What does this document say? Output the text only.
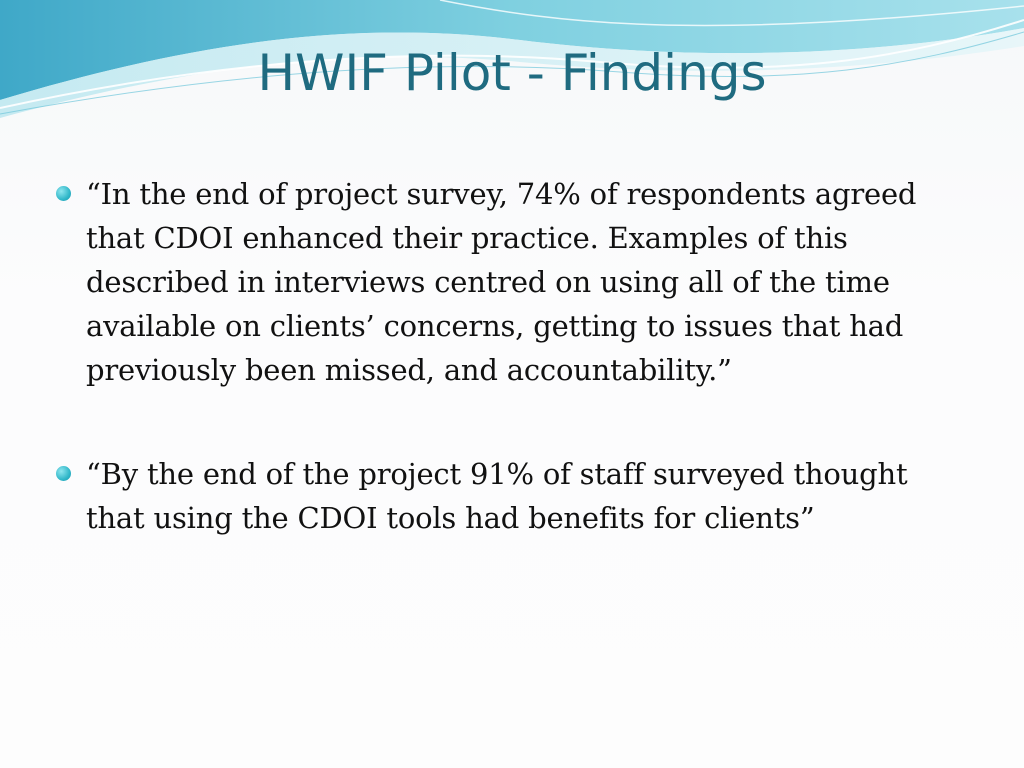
HWIF Pilot - Findings
“In the end of project survey, 74% of respondents agreed that CDOI enhanced their practice. Examples of this described in interviews centred on using all of the time available on clients’ concerns, getting to issues that had previously been missed, and accountability.”
“By the end of the project 91% of staff surveyed thought that using the CDOI tools had benefits for clients”
